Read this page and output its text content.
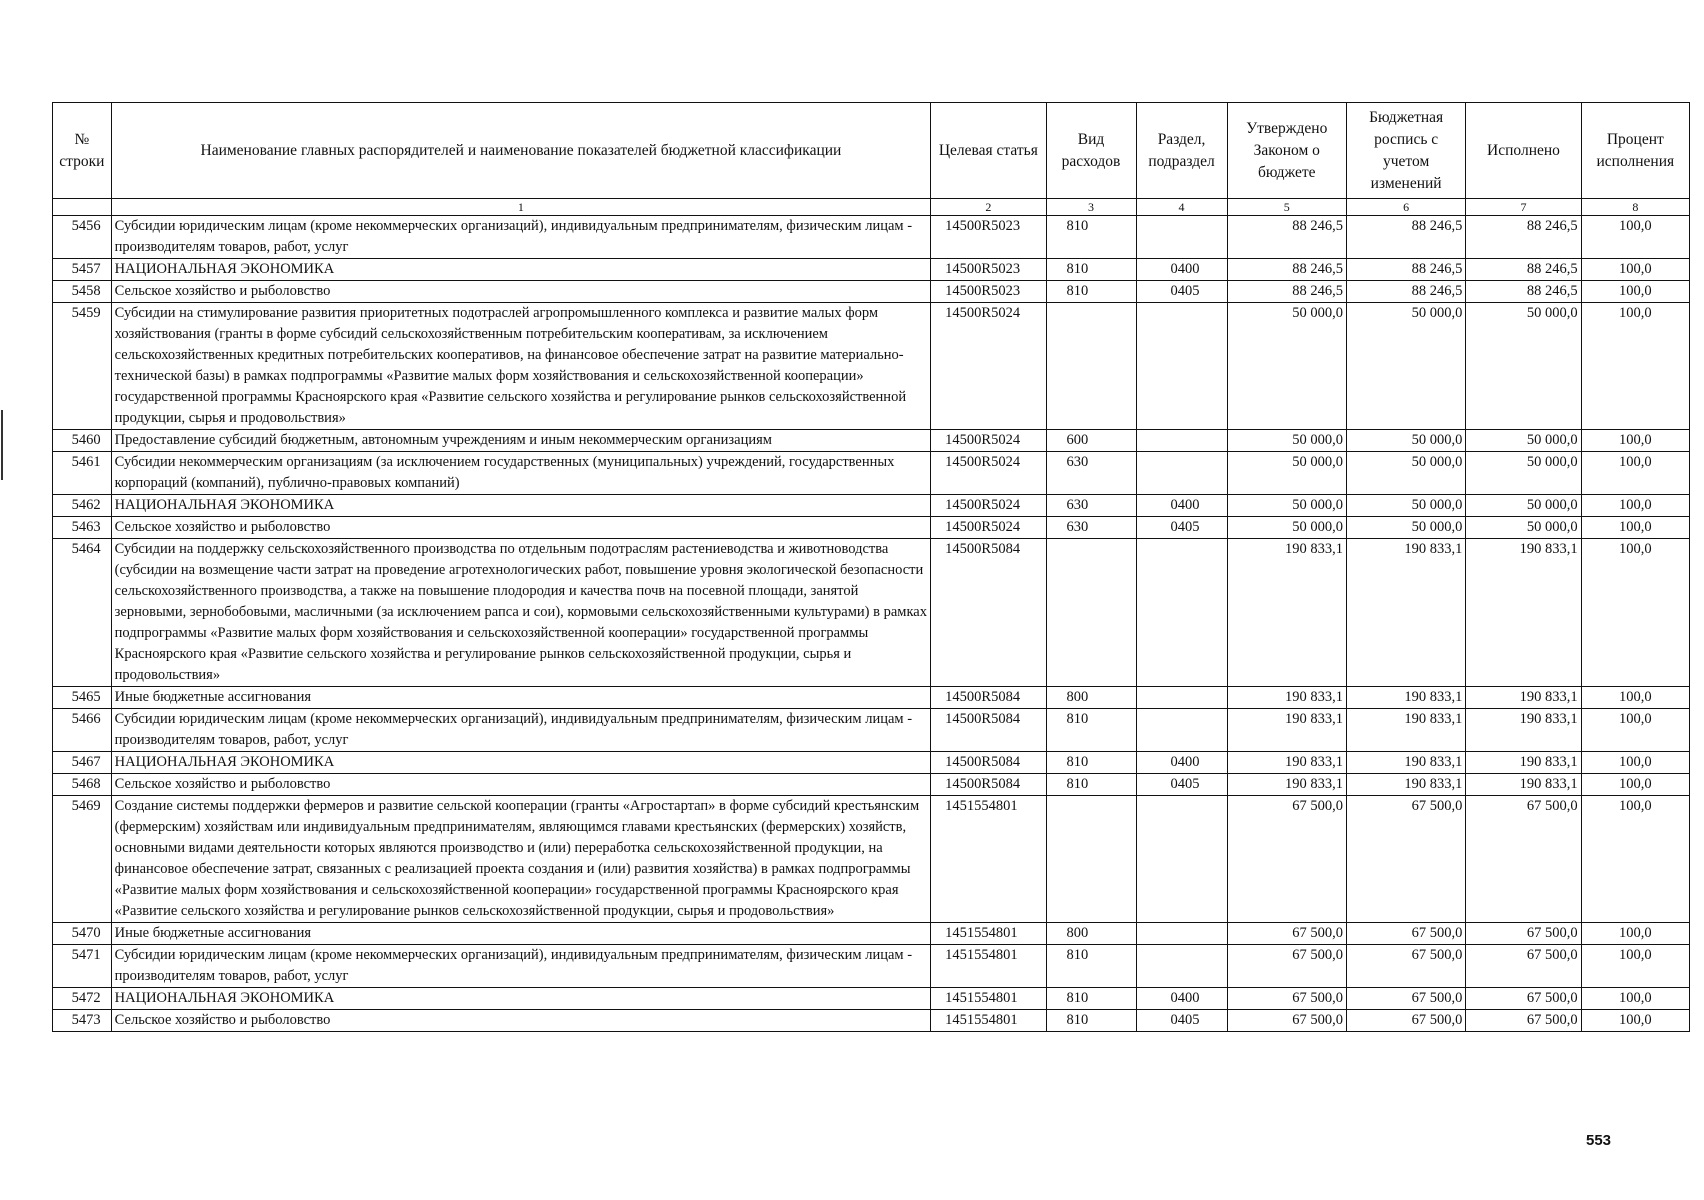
№ строки	Наименование главных распорядителей и наименование показателей бюджетной классификации	Целевая статья	Вид расходов	Раздел, подраздел	Утверждено Законом о бюджете	Бюджетная роспись с учетом изменений	Исполнено	Процент исполнения
	1	2	3	4	5	6	7	8
5456	Субсидии юридическим лицам (кроме некоммерческих организаций), индивидуальным предпринимателям, физическим лицам - производителям товаров, работ, услуг	14500R5023	810		88 246,5	88 246,5	88 246,5	100,0
5457	НАЦИОНАЛЬНАЯ ЭКОНОМИКА	14500R5023	810	0400	88 246,5	88 246,5	88 246,5	100,0
5458	Сельское хозяйство и рыболовство	14500R5023	810	0405	88 246,5	88 246,5	88 246,5	100,0
5459	Субсидии на стимулирование развития приоритетных подотраслей агропромышленного комплекса и развитие малых форм хозяйствования (гранты в форме субсидий сельскохозяйственным потребительским кооперативам, за исключением сельскохозяйственных кредитных потребительских кооперативов, на финансовое обеспечение затрат на развитие материально-технической базы) в рамках подпрограммы «Развитие малых форм хозяйствования и сельскохозяйственной кооперации» государственной программы Красноярского края «Развитие сельского хозяйства и регулирование рынков сельскохозяйственной продукции, сырья и продовольствия»	14500R5024			50 000,0	50 000,0	50 000,0	100,0
5460	Предоставление субсидий бюджетным, автономным учреждениям и иным некоммерческим организациям	14500R5024	600		50 000,0	50 000,0	50 000,0	100,0
5461	Субсидии некоммерческим организациям (за исключением государственных (муниципальных) учреждений, государственных корпораций (компаний), публично-правовых компаний)	14500R5024	630		50 000,0	50 000,0	50 000,0	100,0
5462	НАЦИОНАЛЬНАЯ ЭКОНОМИКА	14500R5024	630	0400	50 000,0	50 000,0	50 000,0	100,0
5463	Сельское хозяйство и рыболовство	14500R5024	630	0405	50 000,0	50 000,0	50 000,0	100,0
5464	Субсидии на поддержку сельскохозяйственного производства по отдельным подотраслям растениеводства и животноводства (субсидии на возмещение части затрат на проведение агротехнологических работ, повышение уровня экологической безопасности сельскохозяйственного производства, а также на повышение плодородия и качества почв на посевной площади, занятой зерновыми, зернобобовыми, масличными (за исключением рапса и сои), кормовыми сельскохозяйственными культурами) в рамках подпрограммы «Развитие малых форм хозяйствования и сельскохозяйственной кооперации» государственной программы Красноярского края «Развитие сельского хозяйства и регулирование рынков сельскохозяйственной продукции, сырья и продовольствия»	14500R5084			190 833,1	190 833,1	190 833,1	100,0
5465	Иные бюджетные ассигнования	14500R5084	800		190 833,1	190 833,1	190 833,1	100,0
5466	Субсидии юридическим лицам (кроме некоммерческих организаций), индивидуальным предпринимателям, физическим лицам - производителям товаров, работ, услуг	14500R5084	810		190 833,1	190 833,1	190 833,1	100,0
5467	НАЦИОНАЛЬНАЯ ЭКОНОМИКА	14500R5084	810	0400	190 833,1	190 833,1	190 833,1	100,0
5468	Сельское хозяйство и рыболовство	14500R5084	810	0405	190 833,1	190 833,1	190 833,1	100,0
5469	Создание системы поддержки фермеров и развитие сельской кооперации (гранты «Агростартап» в форме субсидий крестьянским (фермерским) хозяйствам или индивидуальным предпринимателям, являющимся главами крестьянских (фермерских) хозяйств, основными видами деятельности которых являются производство и (или) переработка сельскохозяйственной продукции, на финансовое обеспечение затрат, связанных с реализацией проекта создания и (или) развития хозяйства) в рамках подпрограммы «Развитие малых форм хозяйствования и сельскохозяйственной кооперации» государственной программы Красноярского края «Развитие сельского хозяйства и регулирование рынков сельскохозяйственной продукции, сырья и продовольствия»	1451554801			67 500,0	67 500,0	67 500,0	100,0
5470	Иные бюджетные ассигнования	1451554801	800		67 500,0	67 500,0	67 500,0	100,0
5471	Субсидии юридическим лицам (кроме некоммерческих организаций), индивидуальным предпринимателям, физическим лицам - производителям товаров, работ, услуг	1451554801	810		67 500,0	67 500,0	67 500,0	100,0
5472	НАЦИОНАЛЬНАЯ ЭКОНОМИКА	1451554801	810	0400	67 500,0	67 500,0	67 500,0	100,0
5473	Сельское хозяйство и рыболовство	1451554801	810	0405	67 500,0	67 500,0	67 500,0	100,0
553
